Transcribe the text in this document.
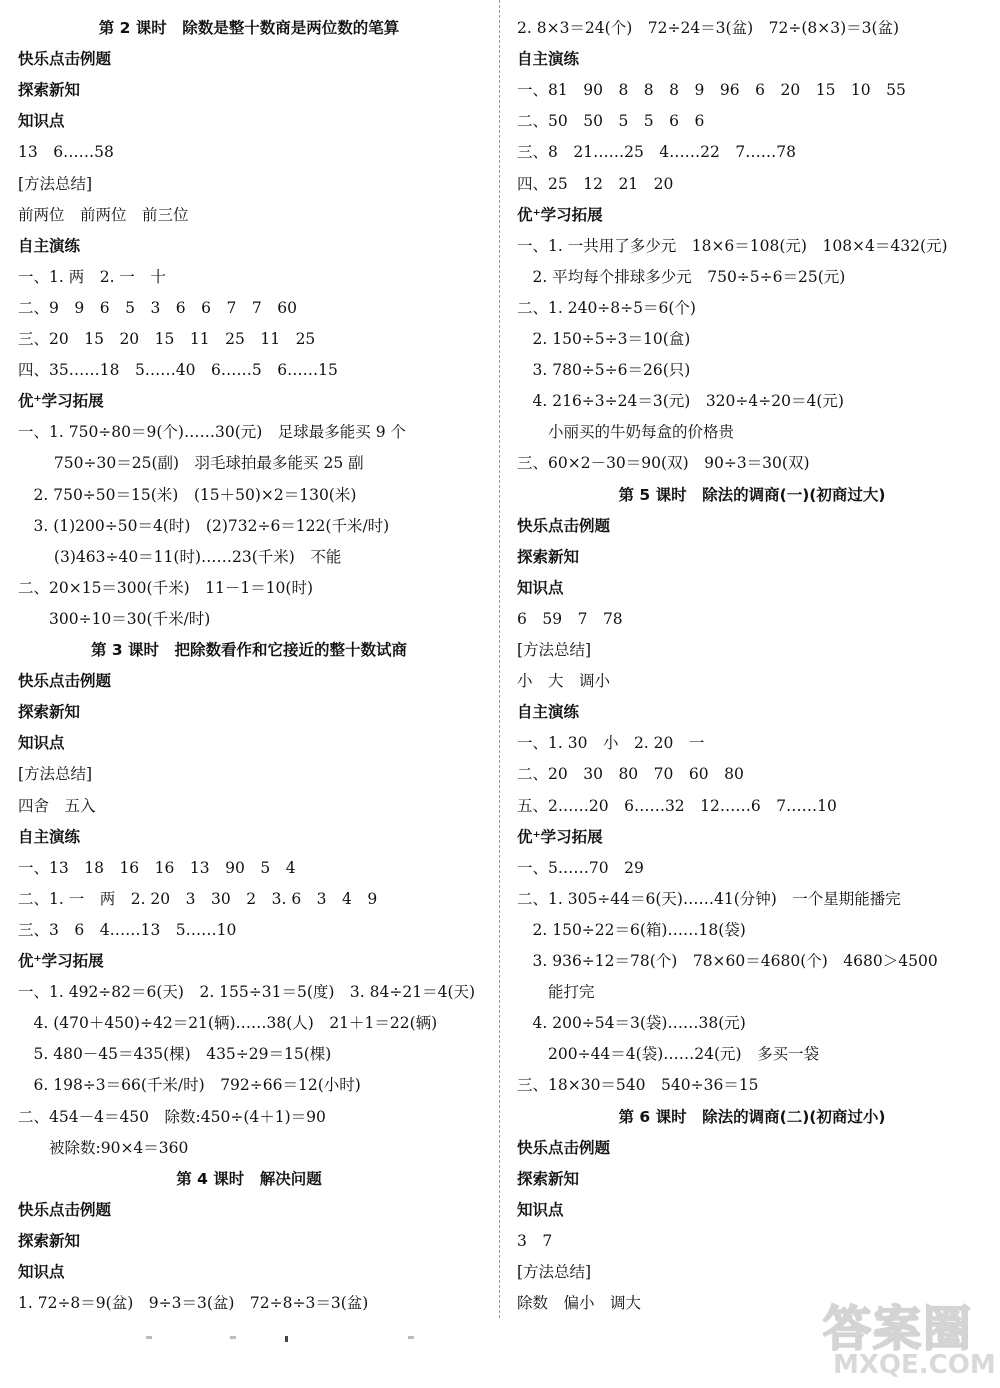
第 2 课时　除数是整十数商是两位数的笔算
快乐点击例题
探索新知
知识点
13　6……58
[方法总结]
前两位　前两位　前三位
自主演练
一、1. 两　2. 一　十
二、9　9　6　5　3　6　6　7　7　60
三、20　15　20　15　11　25　11　25
四、35……18　5……40　6……5　6……15
优⁺学习拓展
一、1. 750÷80＝9(个)……30(元)　足球最多能买 9 个
　　 750÷30＝25(副)　羽毛球拍最多能买 25 副
　2. 750÷50＝15(米)　(15＋50)×2＝130(米)
　3. (1)200÷50＝4(时)　(2)732÷6＝122(千米/时)
　　 (3)463÷40＝11(时)……23(千米)　不能
二、20×15＝300(千米)　11－1＝10(时)
　　300÷10＝30(千米/时)
第 3 课时　把除数看作和它接近的整十数试商
快乐点击例题
探索新知
知识点
[方法总结]
四舍　五入
自主演练
一、13　18　16　16　13　90　5　4
二、1. 一　两　2. 20　3　30　2　3. 6　3　4　9
三、3　6　4……13　5……10
优⁺学习拓展
一、1. 492÷82＝6(天)　2. 155÷31＝5(度)　3. 84÷21＝4(天)
　4. (470＋450)÷42＝21(辆)……38(人)　21＋1＝22(辆)
　5. 480－45＝435(棵)　435÷29＝15(棵)
　6. 198÷3＝66(千米/时)　792÷66＝12(小时)
二、454－4＝450　除数:450÷(4＋1)＝90
　　被除数:90×4＝360
第 4 课时　解决问题
快乐点击例题
探索新知
知识点
1. 72÷8＝9(盆)　9÷3＝3(盆)　72÷8÷3＝3(盆)
2. 8×3＝24(个)　72÷24＝3(盆)　72÷(8×3)＝3(盆)
自主演练
一、81　90　8　8　8　9　96　6　20　15　10　55
二、50　50　5　5　6　6
三、8　21……25　4……22　7……78
四、25　12　21　20
优⁺学习拓展
一、1. 一共用了多少元　18×6＝108(元)　108×4＝432(元)
　2. 平均每个排球多少元　750÷5÷6＝25(元)
二、1. 240÷8÷5＝6(个)
　2. 150÷5÷3＝10(盒)
　3. 780÷5÷6＝26(只)
　4. 216÷3÷24＝3(元)　320÷4÷20＝4(元)
　　小丽买的牛奶每盒的价格贵
三、60×2－30＝90(双)　90÷3＝30(双)
第 5 课时　除法的调商(一)(初商过大)
快乐点击例题
探索新知
知识点
6　59　7　78
[方法总结]
小　大　调小
自主演练
一、1. 30　小　2. 20　一
二、20　30　80　70　60　80
五、2……20　6……32　12……6　7……10
优⁺学习拓展
一、5……70　29
二、1. 305÷44＝6(天)……41(分钟)　一个星期能播完
　2. 150÷22＝6(箱)……18(袋)
　3. 936÷12＝78(个)　78×60＝4680(个)　4680＞4500
　　能打完
　4. 200÷54＝3(袋)……38(元)
　　200÷44＝4(袋)……24(元)　多买一袋
三、18×30＝540　540÷36＝15
第 6 课时　除法的调商(二)(初商过小)
快乐点击例题
探索新知
知识点
3　7
[方法总结]
除数　偏小　调大	答案圈
MXQE.COM
